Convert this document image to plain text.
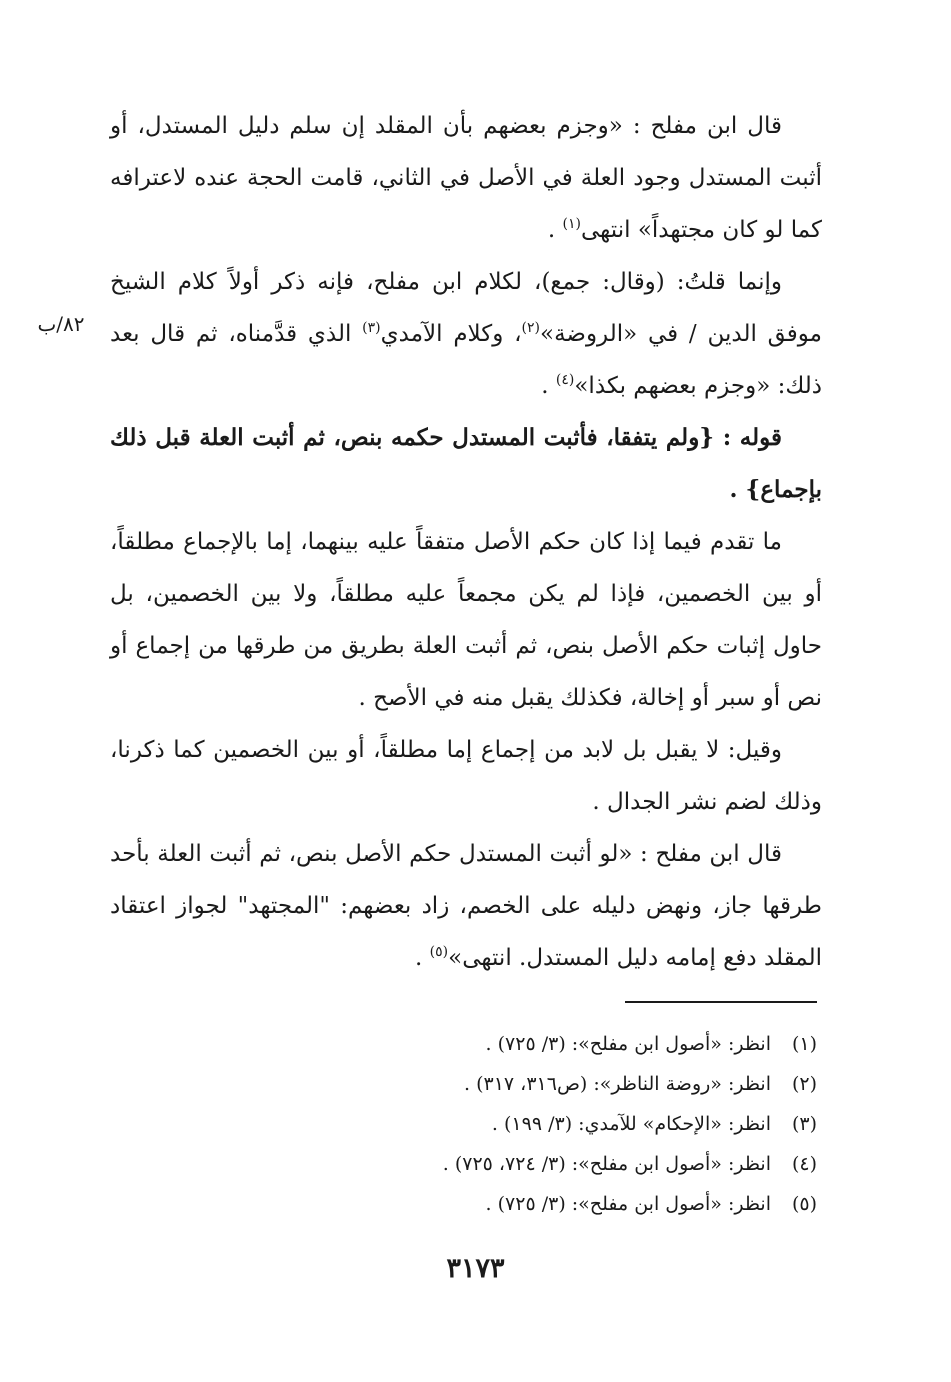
قال ابن مفلح : «وجزم بعضهم بأن المقلد إن سلم دليل المستدل، أو أثبت المستدل وجود العلة في الأصل في الثاني، قامت الحجة عنده لاعترافه كما لو كان مجتهداً» انتهى$^{(١)}$ .

وإنما قلتُ: (وقال: جمع)، لكلام ابن مفلح، فإنه ذكر أولاً كلام الشيخ موفق الدين / في «الروضة»$^{(٢)}$، وكلام الآمدي$^{(٣)}$ الذي قدَّمناه، ثم قال بعد ذلك: «وجزم بعضهم بكذا»$^{(٤)}$ .

قوله : {ولم يتفقا، فأثبت المستدل حكمه بنص، ثم أثبت العلة قبل ذلك بإجماع} .

ما تقدم فيما إذا كان حكم الأصل متفقاً عليه بينهما، إما بالإجماع مطلقاً، أو بين الخصمين، فإذا لم يكن مجمعاً عليه مطلقاً، ولا بين الخصمين، بل حاول إثبات حكم الأصل بنص، ثم أثبت العلة بطريق من طرقها من إجماع أو نص أو سبر أو إخالة، فكذلك يقبل منه في الأصح .

وقيل: لا يقبل بل لابد من إجماع إما مطلقاً، أو بين الخصمين كما ذكرنا، وذلك لضم نشر الجدال .

قال ابن مفلح : «لو أثبت المستدل حكم الأصل بنص، ثم أثبت العلة بأحد طرقها جاز، ونهض دليله على الخصم، زاد بعضهم: "المجتهد" لجواز اعتقاد المقلد دفع إمامه دليل المستدل. انتهى»$^{(٥)}$ .

٨٢/ب
(١)انظر: «أصول ابن مفلح»: (٣/ ٧٢٥) .
(٢)انظر: «روضة الناظر»: (ص٣١٦، ٣١٧) .
(٣)انظر: «الإحكام» للآمدي: (٣/ ١٩٩) .
(٤)انظر: «أصول ابن مفلح»: (٣/ ٧٢٤، ٧٢٥) .
(٥)انظر: «أصول ابن مفلح»: (٣/ ٧٢٥) .
٣١٧٣
